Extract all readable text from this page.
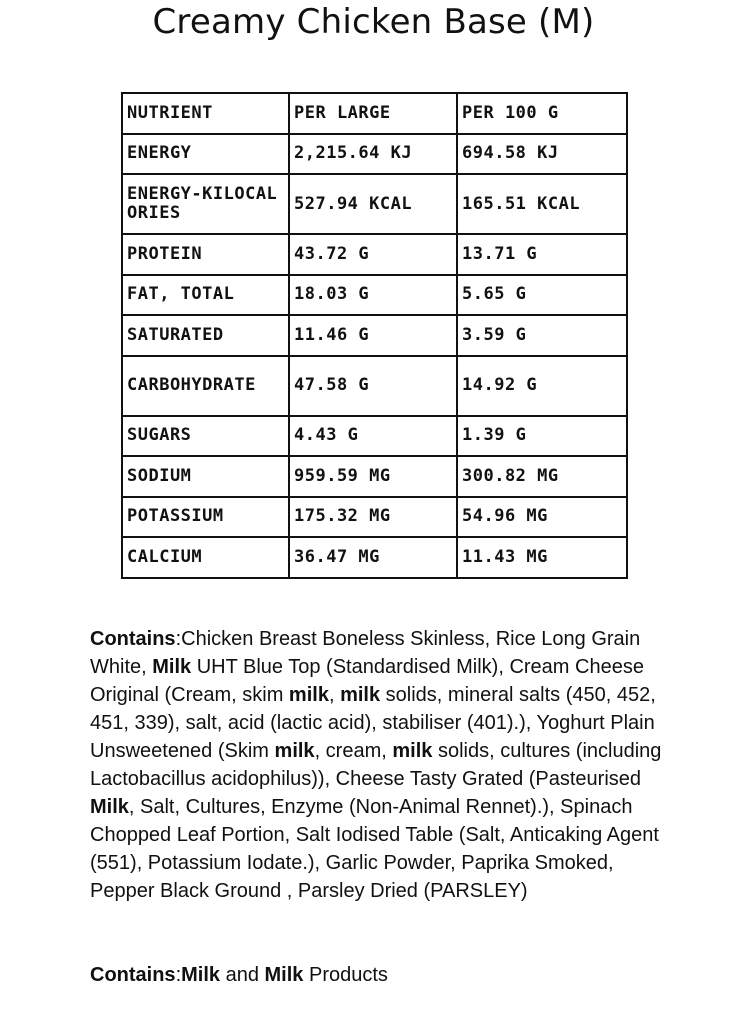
Creamy Chicken Base (M)
NUTRIENT	PER LARGE	PER 100 G
ENERGY	2,215.64 KJ	694.58 KJ
ENERGY-KILOCALORIES	527.94 KCAL	165.51 KCAL
PROTEIN	43.72 G	13.71 G
FAT, TOTAL	18.03 G	5.65 G
SATURATED	11.46 G	3.59 G
CARBOHYDRATE	47.58 G	14.92 G
SUGARS	4.43 G	1.39 G
SODIUM	959.59 MG	300.82 MG
POTASSIUM	175.32 MG	54.96 MG
CALCIUM	36.47 MG	11.43 MG

Contains:Chicken Breast Boneless Skinless, Rice Long Grain White, Milk UHT Blue Top (Standardised Milk), Cream Cheese Original (Cream, skim milk, milk solids, mineral salts (450, 452, 451, 339), salt, acid (lactic acid), stabiliser (401).), Yoghurt Plain Unsweetened (Skim milk, cream, milk solids, cultures (including Lactobacillus acidophilus)), Cheese Tasty Grated (Pasteurised Milk, Salt, Cultures, Enzyme (Non-Animal Rennet).), Spinach Chopped Leaf Portion, Salt Iodised Table (Salt, Anticaking Agent (551), Potassium Iodate.), Garlic Powder, Paprika Smoked, Pepper Black Ground , Parsley Dried (PARSLEY)

Contains:Milk and Milk Products
